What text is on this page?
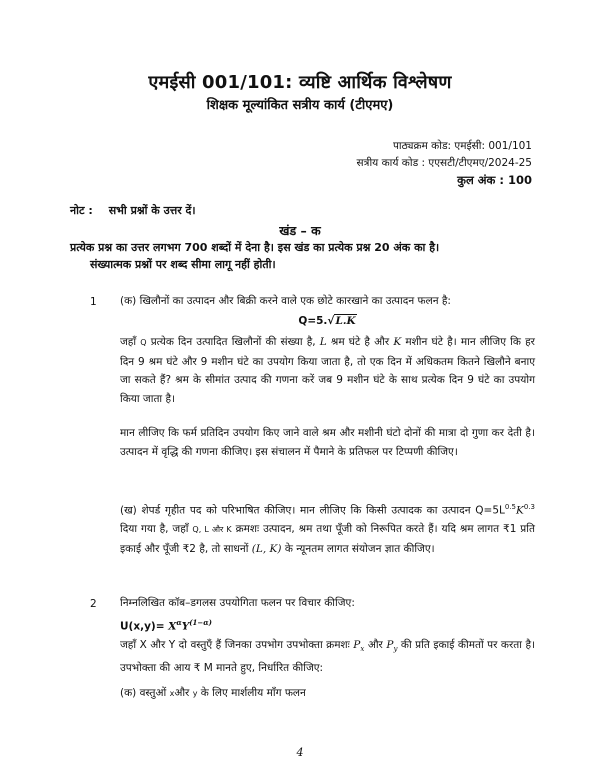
एमईसी 001/101: व्यष्टि आर्थिक विश्लेषण
शिक्षक मूल्यांकित सत्रीय कार्य (टीएमए)
पाठ्यक्रम कोड: एमईसी: 001/101
सत्रीय कार्य कोड : एएसटी/टीएमए/2024-25
कुल अंक : 100
नोट : सभी प्रश्नों के उत्तर दें।
खंड – क
प्रत्येक प्रश्न का उत्तर लगभग 700 शब्दों में देना है। इस खंड का प्रत्येक प्रश्न 20 अंक का है।
संख्यात्मक प्रश्नों पर शब्द सीमा लागू नहीं होती।
1 (क) खिलौनों का उत्पादन और बिक्री करने वाले एक छोटे कारखाने का उत्पादन फलन है:
Q=5.√L.K
जहाँ Q प्रत्येक दिन उत्पादित खिलौनों की संख्या है, L श्रम घंटे है और K मशीन घंटे है। मान लीजिए कि हर दिन 9 श्रम घंटे और 9 मशीन घंटे का उपयोग किया जाता है, तो एक दिन में अधिकतम कितने खिलौने बनाए जा सकते हैं? श्रम के सीमांत उत्पाद की गणना करें जब 9 मशीन घंटे के साथ प्रत्येक दिन 9 घंटे का उपयोग किया जाता है।
मान लीजिए कि फर्म प्रतिदिन उपयोग किए जाने वाले श्रम और मशीनी घंटो दोनों की मात्रा दो गुणा कर देती है। उत्पादन में वृद्धि की गणना कीजिए। इस संचालन में पैमाने के प्रतिफल पर टिप्पणी कीजिए।
(ख) शेपर्ड गृहीत पद को परिभाषित कीजिए। मान लीजिए कि किसी उत्पादक का उत्पादन $Q=5L^{0.5}K^{0.3}$ दिया गया है, जहाँ Q, L और K क्रमशः उत्पादन, श्रम तथा पूँजी को निरूपित करते हैं। यदि श्रम लागत ₹1 प्रति इकाई और पूँजी ₹2 है, तो साधनों (L, K) के न्यूनतम लागत संयोजन ज्ञात कीजिए।
2 निम्नलिखित कॉब–डगलस उपयोगिता फलन पर विचार कीजिए:
$U(x,y)= X^\alpha Y^{(1-\alpha)}$
जहाँ X और Y दो वस्तुएँ हैं जिनका उपभोग उपभोक्ता क्रमशः $P_x$ और $P_y$ की प्रति इकाई कीमतों पर करता है। उपभोक्ता की आय ₹ M मानते हुए, निर्धारित कीजिए:
(क) वस्तुओं xऔर y के लिए मार्शलीय माँग फलन
4
